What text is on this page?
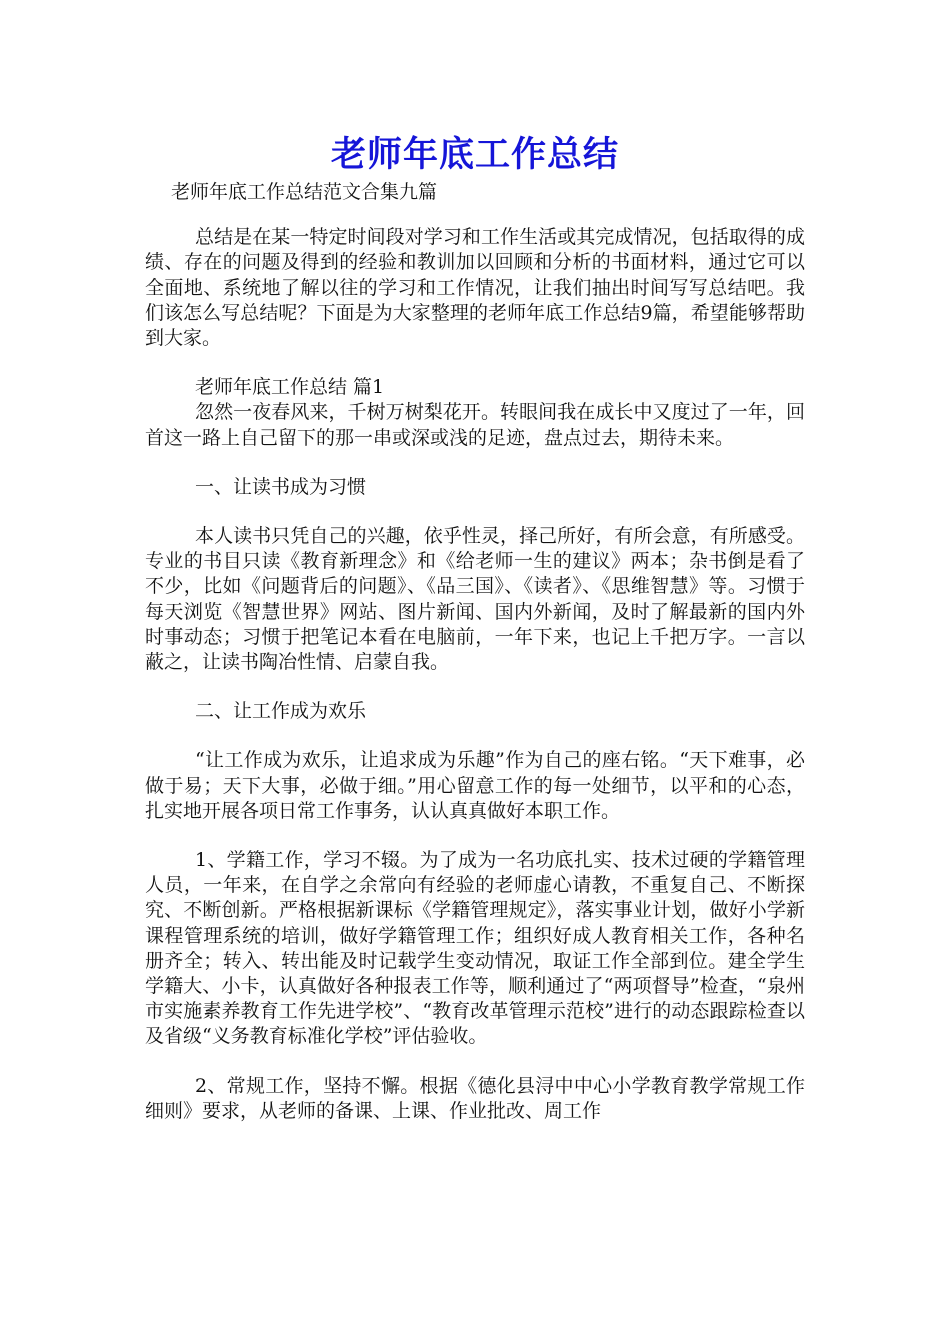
老师年底工作总结
老师年底工作总结范文合集九篇

总结是在某一特定时间段对学习和工作生活或其完成情况，包括取得的成绩、存在的问题及得到的经验和教训加以回顾和分析的书面材料，通过它可以全面地、系统地了解以往的学习和工作情况，让我们抽出时间写写总结吧。我们该怎么写总结呢？下面是为大家整理的老师年底工作总结9篇，希望能够帮助到大家。

老师年底工作总结 篇1

忽然一夜春风来，千树万树梨花开。转眼间我在成长中又度过了一年，回首这一路上自己留下的那一串或深或浅的足迹，盘点过去，期待未来。

一、让读书成为习惯

本人读书只凭自己的兴趣，依乎性灵，择己所好，有所会意，有所感受。专业的书目只读《教育新理念》和《给老师一生的建议》两本；杂书倒是看了不少，比如《问题背后的问题》、《品三国》、《读者》、《思维智慧》等。习惯于每天浏览《智慧世界》网站、图片新闻、国内外新闻，及时了解最新的国内外时事动态；习惯于把笔记本看在电脑前，一年下来，也记上千把万字。一言以蔽之，让读书陶冶性情、启蒙自我。

二、让工作成为欢乐

“让工作成为欢乐，让追求成为乐趣”作为自己的座右铭。“天下难事，必做于易；天下大事，必做于细。”用心留意工作的每一处细节，以平和的心态，扎实地开展各项日常工作事务，认认真真做好本职工作。

1、学籍工作，学习不辍。为了成为一名功底扎实、技术过硬的学籍管理人员，一年来，在自学之余常向有经验的老师虚心请教，不重复自己、不断探究、不断创新。严格根据新课标《学籍管理规定》，落实事业计划，做好小学新课程管理系统的培训，做好学籍管理工作；组织好成人教育相关工作，各种名册齐全；转入、转出能及时记载学生变动情况，取证工作全部到位。建全学生学籍大、小卡，认真做好各种报表工作等，顺利通过了“两项督导”检查，“泉州市实施素养教育工作先进学校”、“教育改革管理示范校”进行的动态跟踪检查以及省级“义务教育标准化学校”评估验收。

2、常规工作，坚持不懈。根据《德化县浔中中心小学教育教学常规工作细则》要求，从老师的备课、上课、作业批改、周工作
